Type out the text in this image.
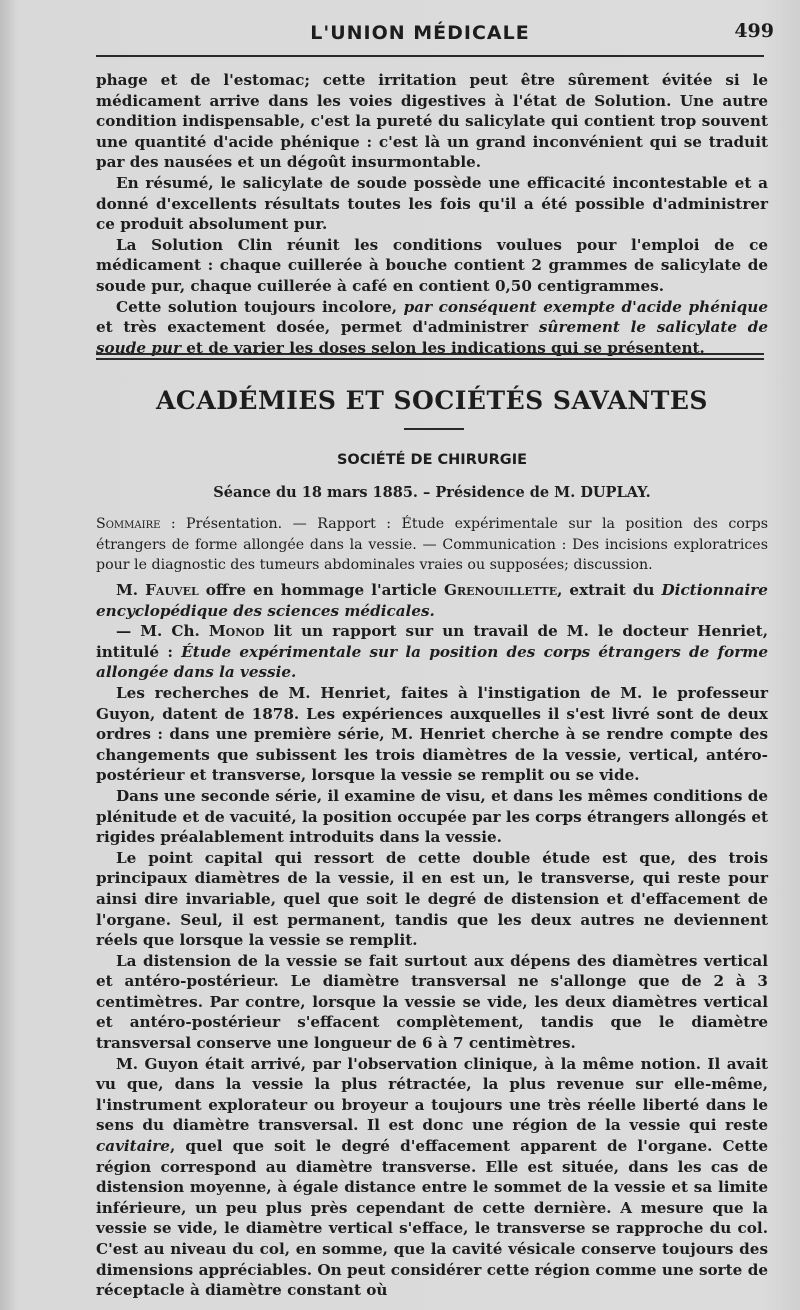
L'UNION MÉDICALE	499

phage et de l'estomac; cette irritation peut être sûrement évitée si le médicament arrive dans les voies digestives à l'état de Solution. Une autre condition indispensable, c'est la pureté du salicylate qui contient trop souvent une quantité d'acide phénique : c'est là un grand inconvénient qui se traduit par des nausées et un dégoût insurmontable.

En résumé, le salicylate de soude possède une efficacité incontestable et a donné d'excellents résultats toutes les fois qu'il a été possible d'administrer ce produit absolument pur.

La Solution Clin réunit les conditions voulues pour l'emploi de ce médicament : chaque cuillerée à bouche contient 2 grammes de salicylate de soude pur, chaque cuillerée à café en contient 0,50 centigrammes.

Cette solution toujours incolore, par conséquent exempte d'acide phénique et très exactement dosée, permet d'administrer sûrement le salicylate de soude pur et de varier les doses selon les indications qui se présentent.

ACADÉMIES ET SOCIÉTÉS SAVANTES
SOCIÉTÉ DE CHIRURGIE
Séance du 18 mars 1885. – Présidence de M. DUPLAY.
Sommaire : Présentation. — Rapport : Étude expérimentale sur la position des corps étrangers de forme allongée dans la vessie. — Communication : Des incisions exploratrices pour le diagnostic des tumeurs abdominales vraies ou supposées; discussion.

M. Fauvel offre en hommage l'article Grenouillette, extrait du Dictionnaire encyclopédique des sciences médicales.

— M. Ch. Monod lit un rapport sur un travail de M. le docteur Henriet, intitulé : Étude expérimentale sur la position des corps étrangers de forme allongée dans la vessie.

Les recherches de M. Henriet, faites à l'instigation de M. le professeur Guyon, datent de 1878. Les expériences auxquelles il s'est livré sont de deux ordres : dans une première série, M. Henriet cherche à se rendre compte des changements que subissent les trois diamètres de la vessie, vertical, antéro-postérieur et transverse, lorsque la vessie se remplit ou se vide.

Dans une seconde série, il examine de visu, et dans les mêmes conditions de plénitude et de vacuité, la position occupée par les corps étrangers allongés et rigides préalablement introduits dans la vessie.

Le point capital qui ressort de cette double étude est que, des trois principaux diamètres de la vessie, il en est un, le transverse, qui reste pour ainsi dire invariable, quel que soit le degré de distension et d'effacement de l'organe. Seul, il est permanent, tandis que les deux autres ne deviennent réels que lorsque la vessie se remplit.

La distension de la vessie se fait surtout aux dépens des diamètres vertical et antéro-postérieur. Le diamètre transversal ne s'allonge que de 2 à 3 centimètres. Par contre, lorsque la vessie se vide, les deux diamètres vertical et antéro-postérieur s'effacent complètement, tandis que le diamètre transversal conserve une longueur de 6 à 7 centimètres.

M. Guyon était arrivé, par l'observation clinique, à la même notion. Il avait vu que, dans la vessie la plus rétractée, la plus revenue sur elle-même, l'instrument explorateur ou broyeur a toujours une très réelle liberté dans le sens du diamètre transversal. Il est donc une région de la vessie qui reste cavitaire, quel que soit le degré d'effacement apparent de l'organe. Cette région correspond au diamètre transverse. Elle est située, dans les cas de distension moyenne, à égale distance entre le sommet de la vessie et sa limite inférieure, un peu plus près cependant de cette dernière. A mesure que la vessie se vide, le diamètre vertical s'efface, le transverse se rapproche du col. C'est au niveau du col, en somme, que la cavité vésicale conserve toujours des dimensions appréciables. On peut considérer cette région comme une sorte de réceptacle à diamètre constant où
